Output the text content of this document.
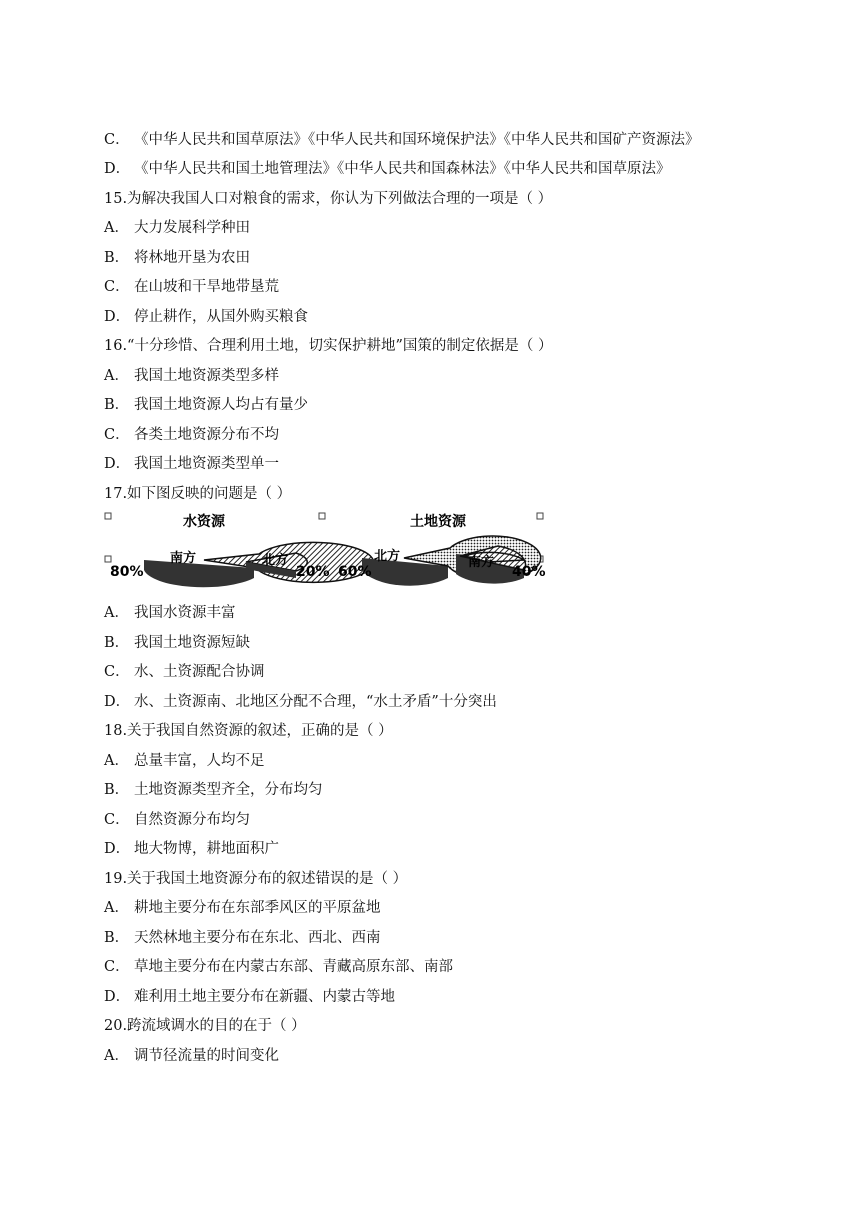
C． 《中华人民共和国草原法》《中华人民共和国环境保护法》《中华人民共和国矿产资源法》
D． 《中华人民共和国土地管理法》《中华人民共和国森林法》《中华人民共和国草原法》
15.为解决我国人口对粮食的需求，你认为下列做法合理的一项是（ ）
A． 大力发展科学种田
B． 将林地开垦为农田
C． 在山坡和干旱地带垦荒
D． 停止耕作，从国外购买粮食
16.“十分珍惜、合理利用土地，切实保护耕地”国策的制定依据是（ ）
A． 我国土地资源类型多样
B． 我国土地资源人均占有量少
C． 各类土地资源分布不均
D． 我国土地资源类型单一
17.如下图反映的问题是（ ）
水资源
南方	北方
80%	20%
土地资源
北方	南方
60%	40%
A． 我国水资源丰富
B． 我国土地资源短缺
C． 水、土资源配合协调
D． 水、土资源南、北地区分配不合理，“水土矛盾”十分突出
18.关于我国自然资源的叙述，正确的是（ ）
A． 总量丰富，人均不足
B． 土地资源类型齐全，分布均匀
C． 自然资源分布均匀
D． 地大物博，耕地面积广
19.关于我国土地资源分布的叙述错误的是（ ）
A． 耕地主要分布在东部季风区的平原盆地
B． 天然林地主要分布在东北、西北、西南
C． 草地主要分布在内蒙古东部、青藏高原东部、南部
D． 难利用土地主要分布在新疆、内蒙古等地
20.跨流域调水的目的在于（ ）
A． 调节径流量的时间变化
